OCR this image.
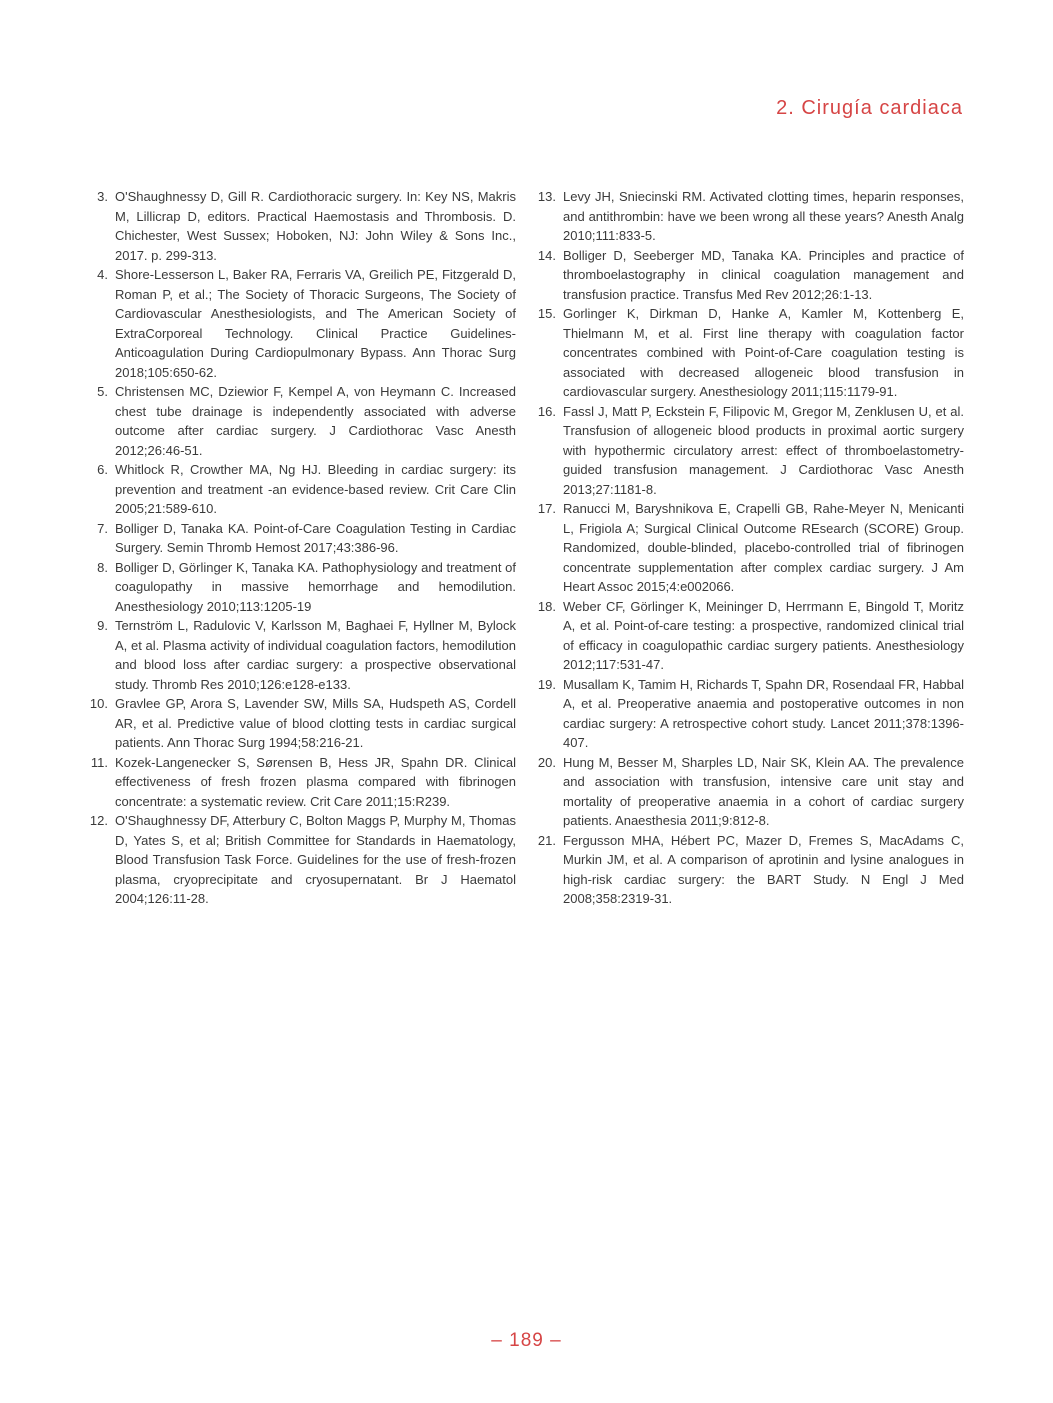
2. Cirugía cardiaca
3. O'Shaughnessy D, Gill R. Cardiothoracic surgery. In: Key NS, Makris M, Lillicrap D, editors. Practical Haemostasis and Thrombosis. D. Chichester, West Sussex; Hoboken, NJ: John Wiley & Sons Inc., 2017. p. 299-313.
4. Shore-Lesserson L, Baker RA, Ferraris VA, Greilich PE, Fitzgerald D, Roman P, et al.; The Society of Thoracic Surgeons, The Society of Cardiovascular Anesthesiologists, and The American Society of ExtraCorporeal Technology. Clinical Practice Guidelines-Anticoagulation During Cardiopulmonary Bypass. Ann Thorac Surg 2018;105:650-62.
5. Christensen MC, Dziewior F, Kempel A, von Heymann C. Increased chest tube drainage is independently associated with adverse outcome after cardiac surgery. J Cardiothorac Vasc Anesth 2012;26:46-51.
6. Whitlock R, Crowther MA, Ng HJ. Bleeding in cardiac surgery: its prevention and treatment -an evidence-based review. Crit Care Clin 2005;21:589-610.
7. Bolliger D, Tanaka KA. Point-of-Care Coagulation Testing in Cardiac Surgery. Semin Thromb Hemost 2017;43:386-96.
8. Bolliger D, Görlinger K, Tanaka KA. Pathophysiology and treatment of coagulopathy in massive hemorrhage and hemodilution. Anesthesiology 2010;113:1205-19
9. Ternström L, Radulovic V, Karlsson M, Baghaei F, Hyllner M, Bylock A, et al. Plasma activity of individual coagulation factors, hemodilution and blood loss after cardiac surgery: a prospective observational study. Thromb Res 2010;126:e128-e133.
10. Gravlee GP, Arora S, Lavender SW, Mills SA, Hudspeth AS, Cordell AR, et al. Predictive value of blood clotting tests in cardiac surgical patients. Ann Thorac Surg 1994;58:216-21.
11. Kozek-Langenecker S, Sørensen B, Hess JR, Spahn DR. Clinical effectiveness of fresh frozen plasma compared with fibrinogen concentrate: a systematic review. Crit Care 2011;15:R239.
12. O'Shaughnessy DF, Atterbury C, Bolton Maggs P, Murphy M, Thomas D, Yates S, et al; British Committee for Standards in Haematology, Blood Transfusion Task Force. Guidelines for the use of fresh-frozen plasma, cryoprecipitate and cryosupernatant. Br J Haematol 2004;126:11-28.
13. Levy JH, Sniecinski RM. Activated clotting times, heparin responses, and antithrombin: have we been wrong all these years? Anesth Analg 2010;111:833-5.
14. Bolliger D, Seeberger MD, Tanaka KA. Principles and practice of thromboelastography in clinical coagulation management and transfusion practice. Transfus Med Rev 2012;26:1-13.
15. Gorlinger K, Dirkman D, Hanke A, Kamler M, Kottenberg E, Thielmann M, et al. First line therapy with coagulation factor concentrates combined with Point-of-Care coagulation testing is associated with decreased allogeneic blood transfusion in cardiovascular surgery. Anesthesiology 2011;115:1179-91.
16. Fassl J, Matt P, Eckstein F, Filipovic M, Gregor M, Zenklusen U, et al. Transfusion of allogeneic blood products in proximal aortic surgery with hypothermic circulatory arrest: effect of thromboelastometry-guided transfusion management. J Cardiothorac Vasc Anesth 2013;27:1181-8.
17. Ranucci M, Baryshnikova E, Crapelli GB, Rahe-Meyer N, Menicanti L, Frigiola A; Surgical Clinical Outcome REsearch (SCORE) Group. Randomized, double-blinded, placebo-controlled trial of fibrinogen concentrate supplementation after complex cardiac surgery. J Am Heart Assoc 2015;4:e002066.
18. Weber CF, Görlinger K, Meininger D, Herrmann E, Bingold T, Moritz A, et al. Point-of-care testing: a prospective, randomized clinical trial of efficacy in coagulopathic cardiac surgery patients. Anesthesiology 2012;117:531-47.
19. Musallam K, Tamim H, Richards T, Spahn DR, Rosendaal FR, Habbal A, et al. Preoperative anaemia and postoperative outcomes in non cardiac surgery: A retrospective cohort study. Lancet 2011;378:1396-407.
20. Hung M, Besser M, Sharples LD, Nair SK, Klein AA. The prevalence and association with transfusion, intensive care unit stay and mortality of preoperative anaemia in a cohort of cardiac surgery patients. Anaesthesia 2011;9:812-8.
21. Fergusson MHA, Hébert PC, Mazer D, Fremes S, MacAdams C, Murkin JM, et al. A comparison of aprotinin and lysine analogues in high-risk cardiac surgery: the BART Study. N Engl J Med 2008;358:2319-31.
– 189 –
